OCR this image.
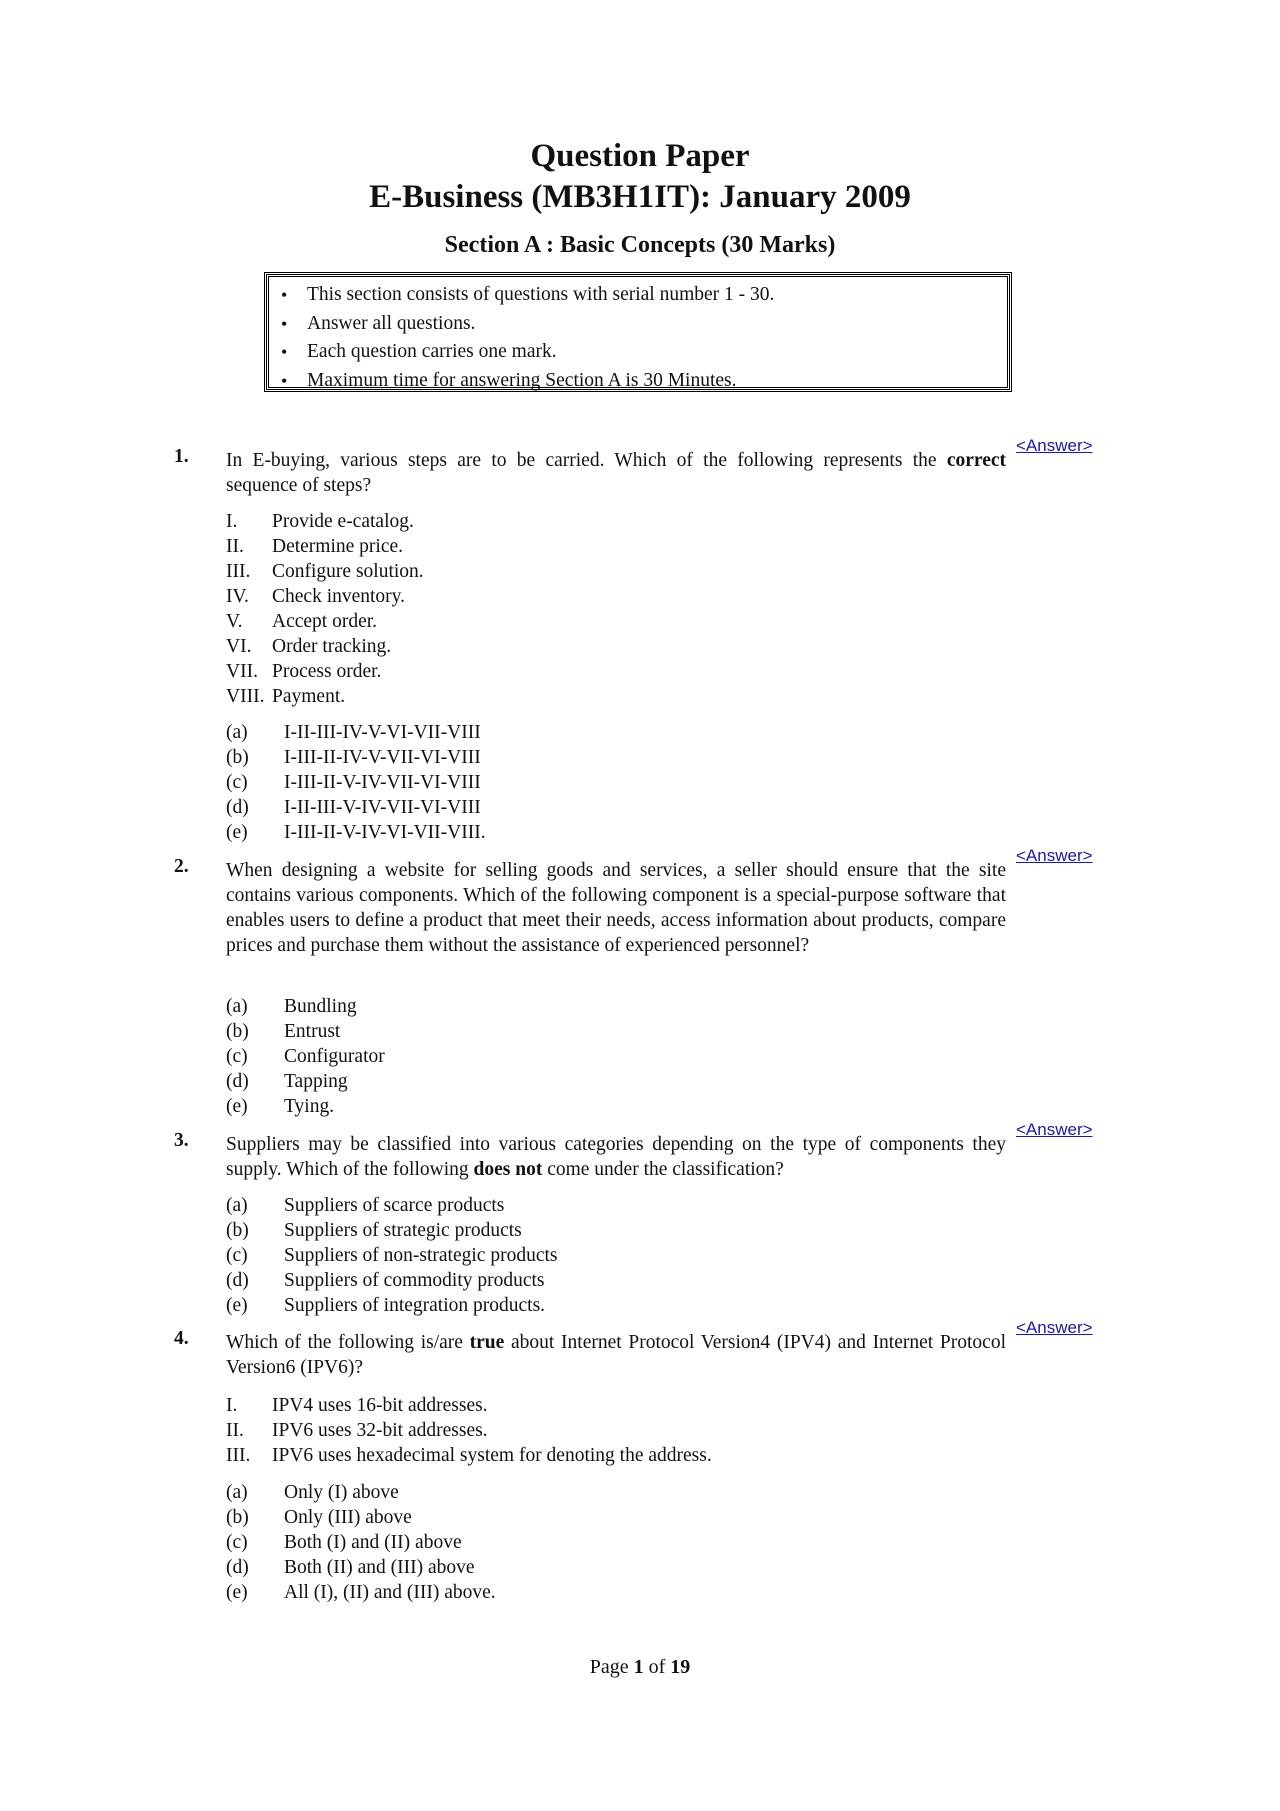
Question Paper
E-Business (MB3H1IT): January 2009
Section A : Basic Concepts (30 Marks)
• This section consists of questions with serial number 1 - 30.
• Answer all questions.
• Each question carries one mark.
• Maximum time for answering Section A is 30 Minutes.
1. In E-buying, various steps are to be carried. Which of the following represents the correct sequence of steps?
<Answer>
I. Provide e-catalog.
II. Determine price.
III. Configure solution.
IV. Check inventory.
V. Accept order.
VI. Order tracking.
VII. Process order.
VIII. Payment.
(a) I-II-III-IV-V-VI-VII-VIII
(b) I-III-II-IV-V-VII-VI-VIII
(c) I-III-II-V-IV-VII-VI-VIII
(d) I-II-III-V-IV-VII-VI-VIII
(e) I-III-II-V-IV-VI-VII-VIII.
2. When designing a website for selling goods and services, a seller should ensure that the site contains various components. Which of the following component is a special-purpose software that enables users to define a product that meet their needs, access information about products, compare prices and purchase them without the assistance of experienced personnel?
<Answer>
(a) Bundling
(b) Entrust
(c) Configurator
(d) Tapping
(e) Tying.
3. Suppliers may be classified into various categories depending on the type of components they supply. Which of the following does not come under the classification?
<Answer>
(a) Suppliers of scarce products
(b) Suppliers of strategic products
(c) Suppliers of non-strategic products
(d) Suppliers of commodity products
(e) Suppliers of integration products.
4. Which of the following is/are true about Internet Protocol Version4 (IPV4) and Internet Protocol Version6 (IPV6)?
<Answer>
I. IPV4 uses 16-bit addresses.
II. IPV6 uses 32-bit addresses.
III. IPV6 uses hexadecimal system for denoting the address.
(a) Only (I) above
(b) Only (III) above
(c) Both (I) and (II) above
(d) Both (II) and (III) above
(e) All (I), (II) and (III) above.
Page 1 of 19
